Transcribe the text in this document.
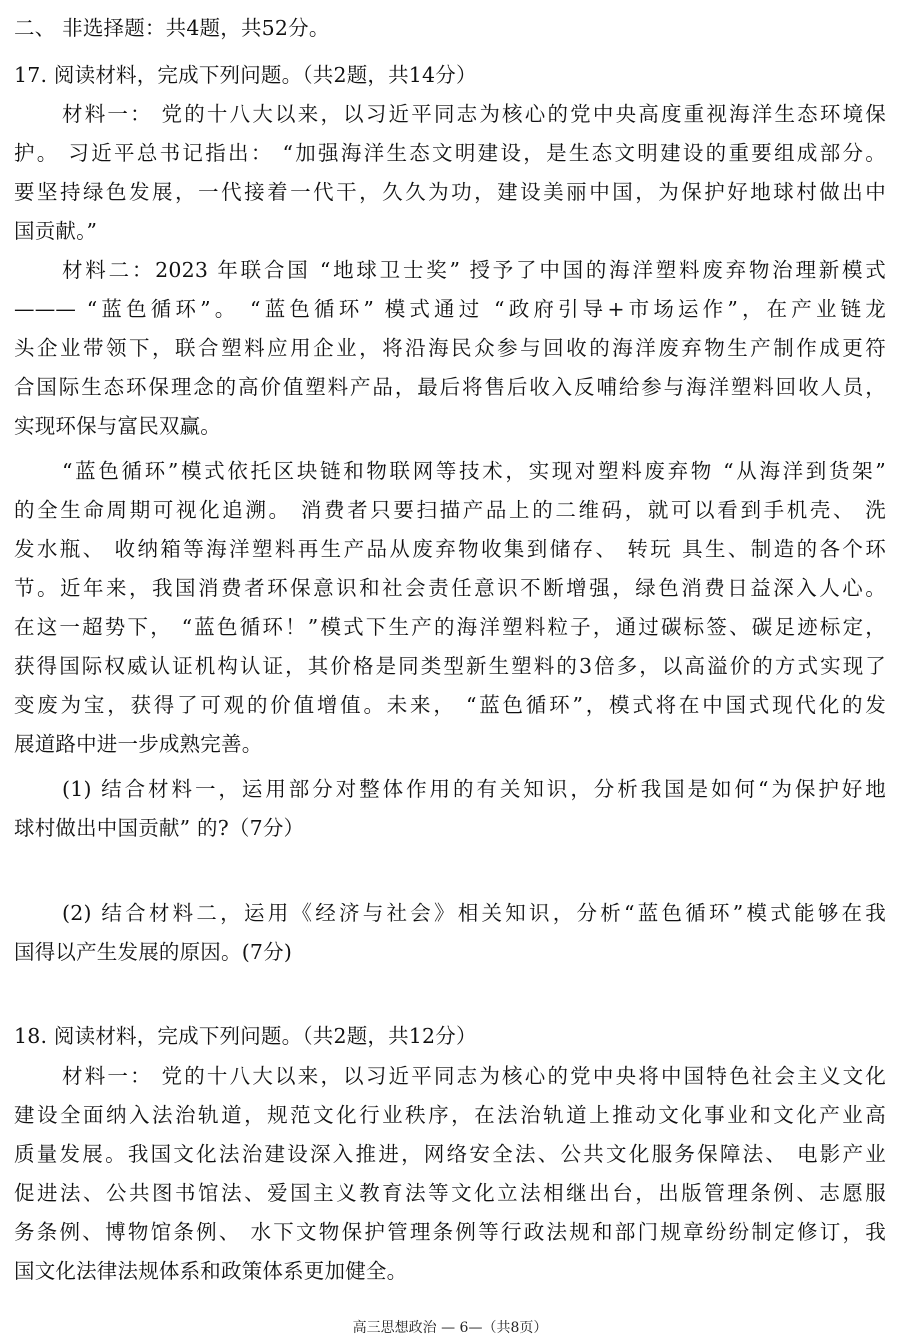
二、 非选择题：共4题，共52分。
17. 阅读材料，完成下列问题。（共2题，共14分）
材料一： 党的十八大以来，以习近平同志为核心的党中央高度重视海洋生态环境保
护。 习近平总书记指出： “加强海洋生态文明建设，是生态文明建设的重要组成部分。
要坚持绿色发展，一代接着一代干，久久为功，建设美丽中国，为保护好地球村做出中
国贡献。”
材料二：2023 年联合国 “地球卫士奖” 授予了中国的海洋塑料废弃物治理新模式
——— “蓝色循环”。 “蓝色循环” 模式通过 “政府引导+市场运作”，在产业链龙
头企业带领下，联合塑料应用企业，将沿海民众参与回收的海洋废弃物生产制作成更符
合国际生态环保理念的高价值塑料产品，最后将售后收入反哺给参与海洋塑料回收人员，
实现环保与富民双赢。
“蓝色循环”模式依托区块链和物联网等技术，实现对塑料废弃物 “从海洋到货架”
的全生命周期可视化追溯。 消费者只要扫描产品上的二维码，就可以看到手机壳、 洗
发水瓶、 收纳箱等海洋塑料再生产品从废弃物收集到储存、 转玩 具生、制造的各个环
节。近年来，我国消费者环保意识和社会责任意识不断增强，绿色消费日益深入人心。
在这一超势下， “蓝色循环！”模式下生产的海洋塑料粒子，通过碳标签、碳足迹标定，
获得国际权威认证机构认证，其价格是同类型新生塑料的3倍多，以高溢价的方式实现了
变废为宝，获得了可观的价值增值。未来， “蓝色循环”，模式将在中国式现代化的发
展道路中进一步成熟完善。
(1) 结合材料一，运用部分对整体作用的有关知识，分析我国是如何“为保护好地
球村做出中国贡献” 的?（7分）
(2) 结合材料二，运用《经济与社会》相关知识，分析“蓝色循环”模式能够在我
国得以产生发展的原因。(7分)
18. 阅读材料，完成下列问题。（共2题，共12分）
材料一： 党的十八大以来，以习近平同志为核心的党中央将中国特色社会主义文化
建设全面纳入法治轨道，规范文化行业秩序，在法治轨道上推动文化事业和文化产业高
质量发展。我国文化法治建设深入推进，网络安全法、公共文化服务保障法、 电影产业
促进法、公共图书馆法、爱国主义教育法等文化立法相继出台，出版管理条例、志愿服
务条例、博物馆条例、 水下文物保护管理条例等行政法规和部门规章纷纷制定修订，我
国文化法律法规体系和政策体系更加健全。
高三思想政治 — 6—（共8页）
